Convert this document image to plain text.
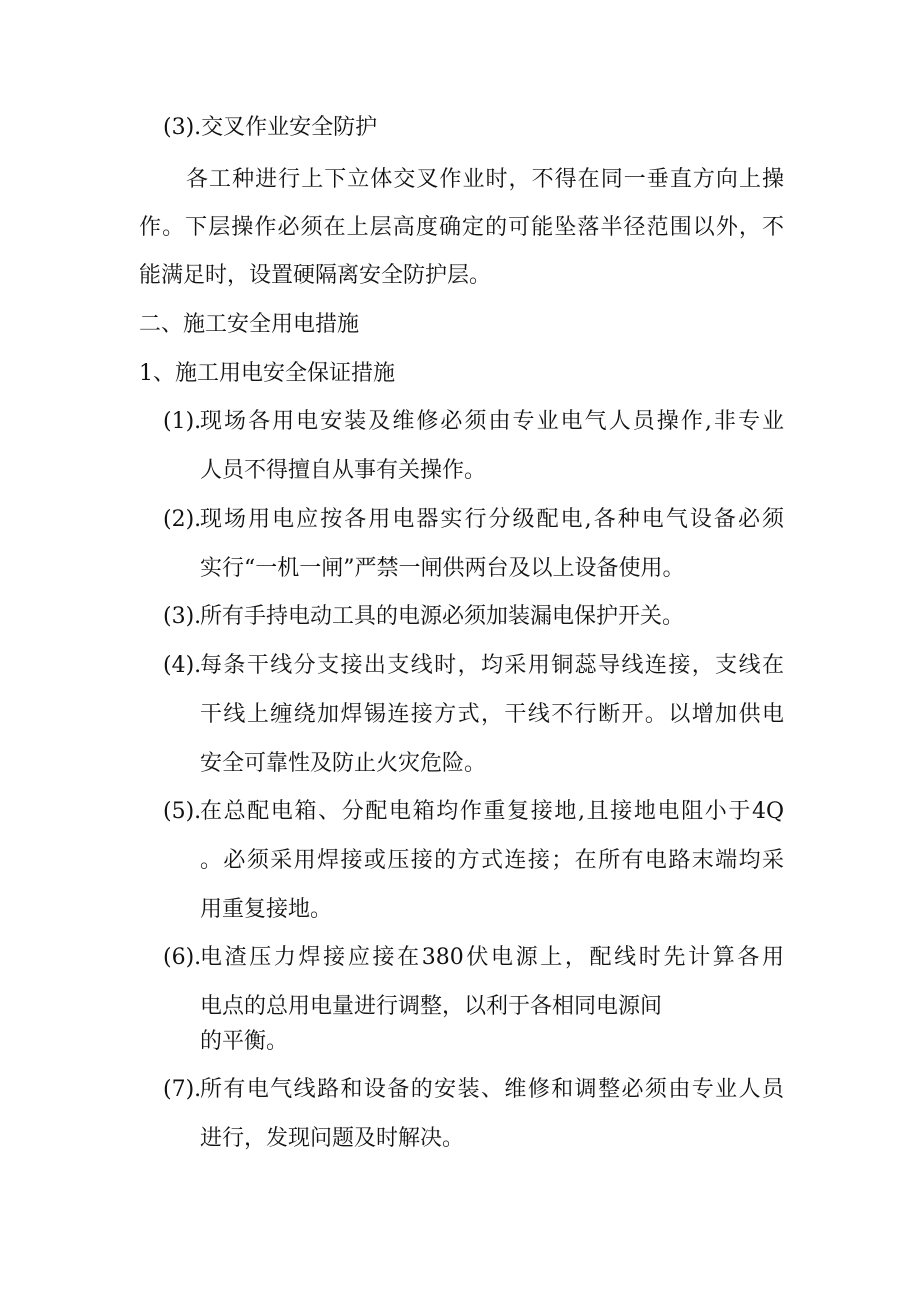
(3).交叉作业安全防护
各工种进行上下立体交叉作业时，不得在同一垂直方向上操
作。下层操作必须在上层高度确定的可能坠落半径范围以外，不
能满足时，设置硬隔离安全防护层。
二、施工安全用电措施
1、施工用电安全保证措施
(1).
现场各用电安装及维修必须由专业电气人员操作,非专业
人员不得擅自从事有关操作。
(2).
现场用电应按各用电器实行分级配电,各种电气设备必须
实行“一机一闸”严禁一闸供两台及以上设备使用。
(3).
所有手持电动工具的电源必须加装漏电保护开关。
(4).
每条干线分支接出支线时，均采用铜蕊导线连接，支线在
干线上缠绕加焊锡连接方式，干线不行断开。以增加供电
安全可靠性及防止火灾危险。
(5).
在总配电箱、分配电箱均作重复接地,且接地电阻小于4Q
。必须采用焊接或压接的方式连接；在所有电路末端均采
用重复接地。
(6).
电渣压力焊接应接在380伏电源上，配线时先计算各用
电点的总用电量进行调整，以利于各相同电源间
的平衡。
(7).
所有电气线路和设备的安装、维修和调整必须由专业人员
进行，发现问题及时解决。
